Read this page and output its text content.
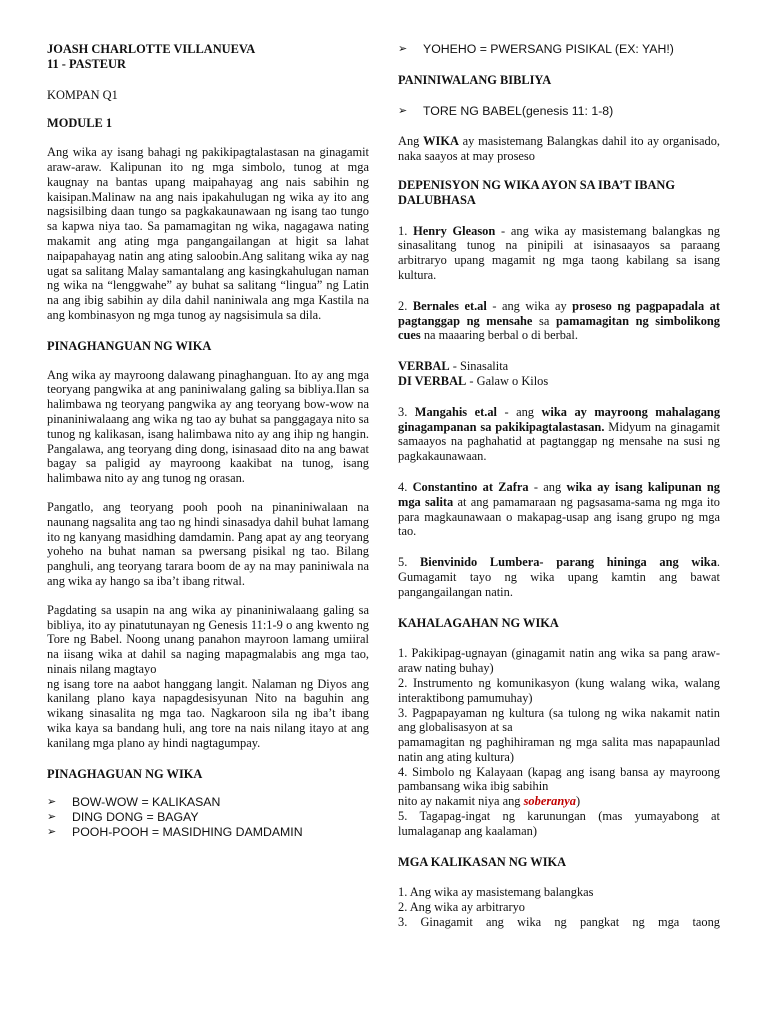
JOASH CHARLOTTE VILLANUEVA

11 - PASTEUR

KOMPAN Q1

MODULE 1

Ang wika ay isang bahagi ng pakikipagtalastasan na ginagamit araw-araw. Kalipunan ito ng mga simbolo, tunog at mga kaugnay na bantas upang maipahayag ang nais sabihin ng kaisipan.Malinaw na ang nais ipakahulugan ng wika ay ito ang nagsisilbing daan tungo sa pagkakaunawaan ng isang tao tungo sa kapwa niya tao. Sa pamamagitan ng wika, nagagawa nating makamit ang ating mga pangangailangan at higit sa lahat naipapahayag natin ang ating saloobin.Ang salitang wika ay nag ugat sa salitang Malay samantalang ang kasingkahulugan naman ng wika na “lenggwahe” ay buhat sa salitang “lingua” ng Latin na ang ibig sabihin ay dila dahil naniniwala ang mga Kastila na ang kombinasyon ng mga tunog ay nagsisimula sa dila.

PINAGHANGUAN NG WIKA

Ang wika ay mayroong dalawang pinaghanguan. Ito ay ang mga teoryang pangwika at ang paniniwalang galing sa bibliya.Ilan sa halimbawa ng teoryang pangwika ay ang teoryang bow-wow na pinaniniwalaang ang wika ng tao ay buhat sa panggagaya nito sa tunog ng kalikasan, isang halimbawa nito ay ang ihip ng hangin. Pangalawa, ang teoryang ding dong, isinasaad dito na ang bawat bagay sa paligid ay mayroong kaakibat na tunog, isang halimbawa nito ay ang tunog ng orasan.

Pangatlo, ang teoryang pooh pooh na pinaniniwalaan na naunang nagsalita ang tao ng hindi sinasadya dahil buhat lamang ito ng kanyang masidhing damdamin. Pang apat ay ang teoryang yoheho na buhat naman sa pwersang pisikal ng tao. Bilang panghuli, ang teoryang tarara boom de ay na may paniniwala na ang wika ay hango sa iba’t ibang ritwal.

Pagdating sa usapin na ang wika ay pinaniniwalaang galing sa bibliya, ito ay pinatutunayan ng Genesis 11:1-9 o ang kwento ng Tore ng Babel. Noong unang panahon mayroon lamang umiiral na iisang wika at dahil sa naging mapagmalabis ang mga tao, ninais nilang magtayo

ng isang tore na aabot hanggang langit. Nalaman ng Diyos ang kanilang plano kaya napagdesisyunan Nito na baguhin ang wikang sinasalita ng mga tao. Nagkaroon sila ng iba’t ibang wika kaya sa bandang huli, ang tore na nais nilang itayo at ang kanilang mga plano ay hindi nagtagumpay.

PINAGHAGUAN NG WIKA

➢ BOW-WOW = KALIKASAN

➢ DING DONG = BAGAY

➢ POOH-POOH = MASIDHING DAMDAMIN

➢ YOHEHO = PWERSANG PISIKAL (EX: YAH!)

PANINIWALANG BIBLIYA

➢ TORE NG BABEL(genesis 11: 1-8)

Ang WIKA ay masistemang Balangkas dahil ito ay organisado, naka saayos at may proseso

DEPENISYON NG WIKA AYON SA IBA’T IBANG DALUBHASA

1. Henry Gleason - ang wika ay masistemang balangkas ng sinasalitang tunog na pinipili at isinasaayos sa paraang arbitraryo upang magamit ng mga taong kabilang sa isang kultura.

2. Bernales et.al - ang wika ay proseso ng pagpapadala at pagtanggap ng mensahe sa pamamagitan ng simbolikong cues na maaaring berbal o di berbal.

VERBAL - Sinasalita

DI VERBAL - Galaw o Kilos

3. Mangahis et.al - ang wika ay mayroong mahalagang ginagampanan sa pakikipagtalastasan. Midyum na ginagamit samaayos na paghahatid at pagtanggap ng mensahe na susi ng pagkakaunawaan.

4. Constantino at Zafra - ang wika ay isang kalipunan ng mga salita at ang pamamaraan ng pagsasama-sama ng mga ito para magkaunawaan o makapag-usap ang isang grupo ng mga tao.

5. Bienvinido Lumbera- parang hininga ang wika. Gumagamit tayo ng wika upang kamtin ang bawat pangangailangan natin.

KAHALAGAHAN NG WIKA

1. Pakikipag-ugnayan (ginagamit natin ang wika sa pang araw-araw nating buhay)

2. Instrumento ng komunikasyon (kung walang wika, walang interaktibong pamumuhay)

3. Pagpapayaman ng kultura (sa tulong ng wika nakamit natin ang globalisasyon at sa

pamamagitan ng paghihiraman ng mga salita mas napapaunlad natin ang ating kultura)

4. Simbolo ng Kalayaan (kapag ang isang bansa ay mayroong pambansang wika ibig sabihin

nito ay nakamit niya ang soberanya)

5. Tagapag-ingat ng karunungan (mas yumayabong at lumalaganap ang kaalaman)

MGA KALIKASAN NG WIKA

1. Ang wika ay masistemang balangkas

2. Ang wika ay arbitraryo

3. Ginagamit ang wika ng pangkat ng mga taong
